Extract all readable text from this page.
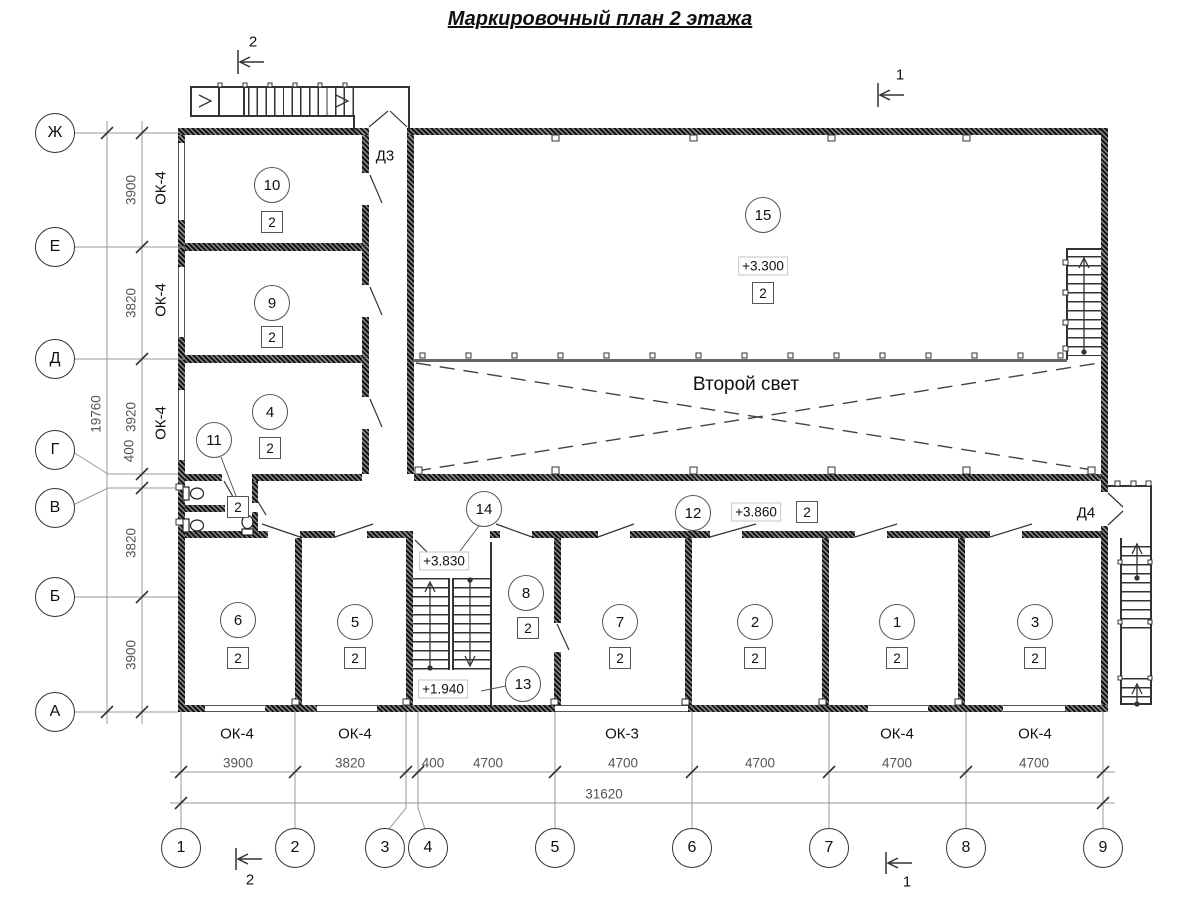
Маркировочный план 2 этажа
Ж
Е
Д
Г
В
Б
А
1	2	3	4	5	6	7	8	9
3900
3820
3920
400
3820
3900
19760
3900	3820	400 4700	4700	4700	4700	4700
31620
ОК-4
ОК-4
ОК-4
ОК-4	ОК-4	ОК-3	ОК-4	ОК-4
Д3
Д4
2
1
2	1
10
9
4
11
15
14
13
12
8
6	5	7	2	1	3
2
2
2
2
2
2
2
2	2	2	2	2	2
+3.300
+3.860
+3.830
+1.940
Второй свет
